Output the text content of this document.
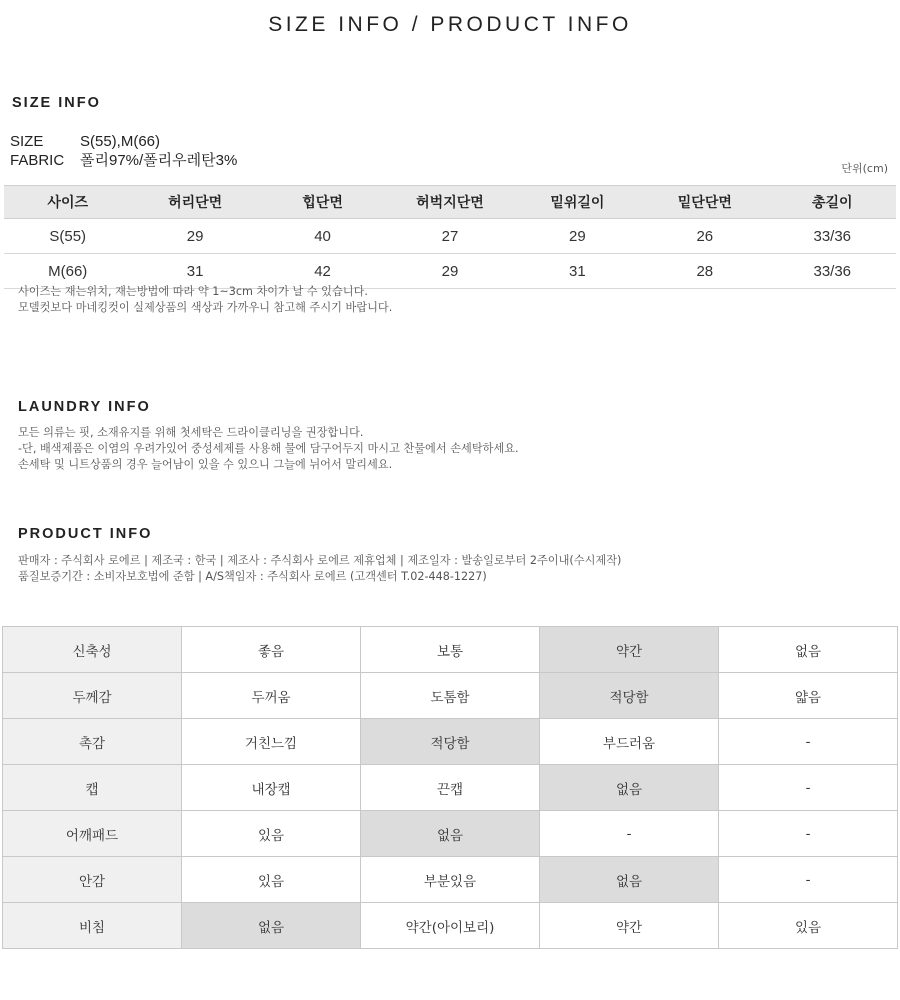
SIZE INFO / PRODUCT INFO
SIZE INFO
SIZE S(55),M(66)
FABRIC 폴리97%/폴리우레탄3%	단위(cm)
사이즈	허리단면	힙단면	허벅지단면	밑위길이	밑단단면	총길이
S(55)	29	40	27	29	26	33/36
M(66)	31	42	29	31	28	33/36
사이즈는 재는위치, 재는방법에 따라 약 1~3cm 차이가 날 수 있습니다.
모델컷보다 마네킹컷이 실제상품의 색상과 가까우니 참고해 주시기 바랍니다.
LAUNDRY INFO
모든 의류는 핏, 소재유지를 위해 첫세탁은 드라이클리닝을 권장합니다.
-단, 배색제품은 이염의 우려가있어 중성세제를 사용해 물에 담구어두지 마시고 찬물에서 손세탁하세요.
손세탁 및 니트상품의 경우 늘어남이 있을 수 있으니 그늘에 뉘어서 말리세요.
PRODUCT INFO
판매자 : 주식회사 로에르 | 제조국 : 한국 | 제조사 : 주식회사 로에르 제휴업체 | 제조일자 : 발송일로부터 2주이내(수시제작)
품질보증기간 : 소비자보호법에 준함 | A/S책임자 : 주식회사 로에르 (고객센터 T.02-448-1227)
신축성	좋음	보통	약간	없음
두께감	두꺼움	도톰함	적당함	얇음
촉감	거친느낌	적당함	부드러움	-
캡	내장캡	끈캡	없음	-
어깨패드	있음	없음	-	-
안감	있음	부분있음	없음	-
비침	없음	약간(아이보리)	약간	있음
